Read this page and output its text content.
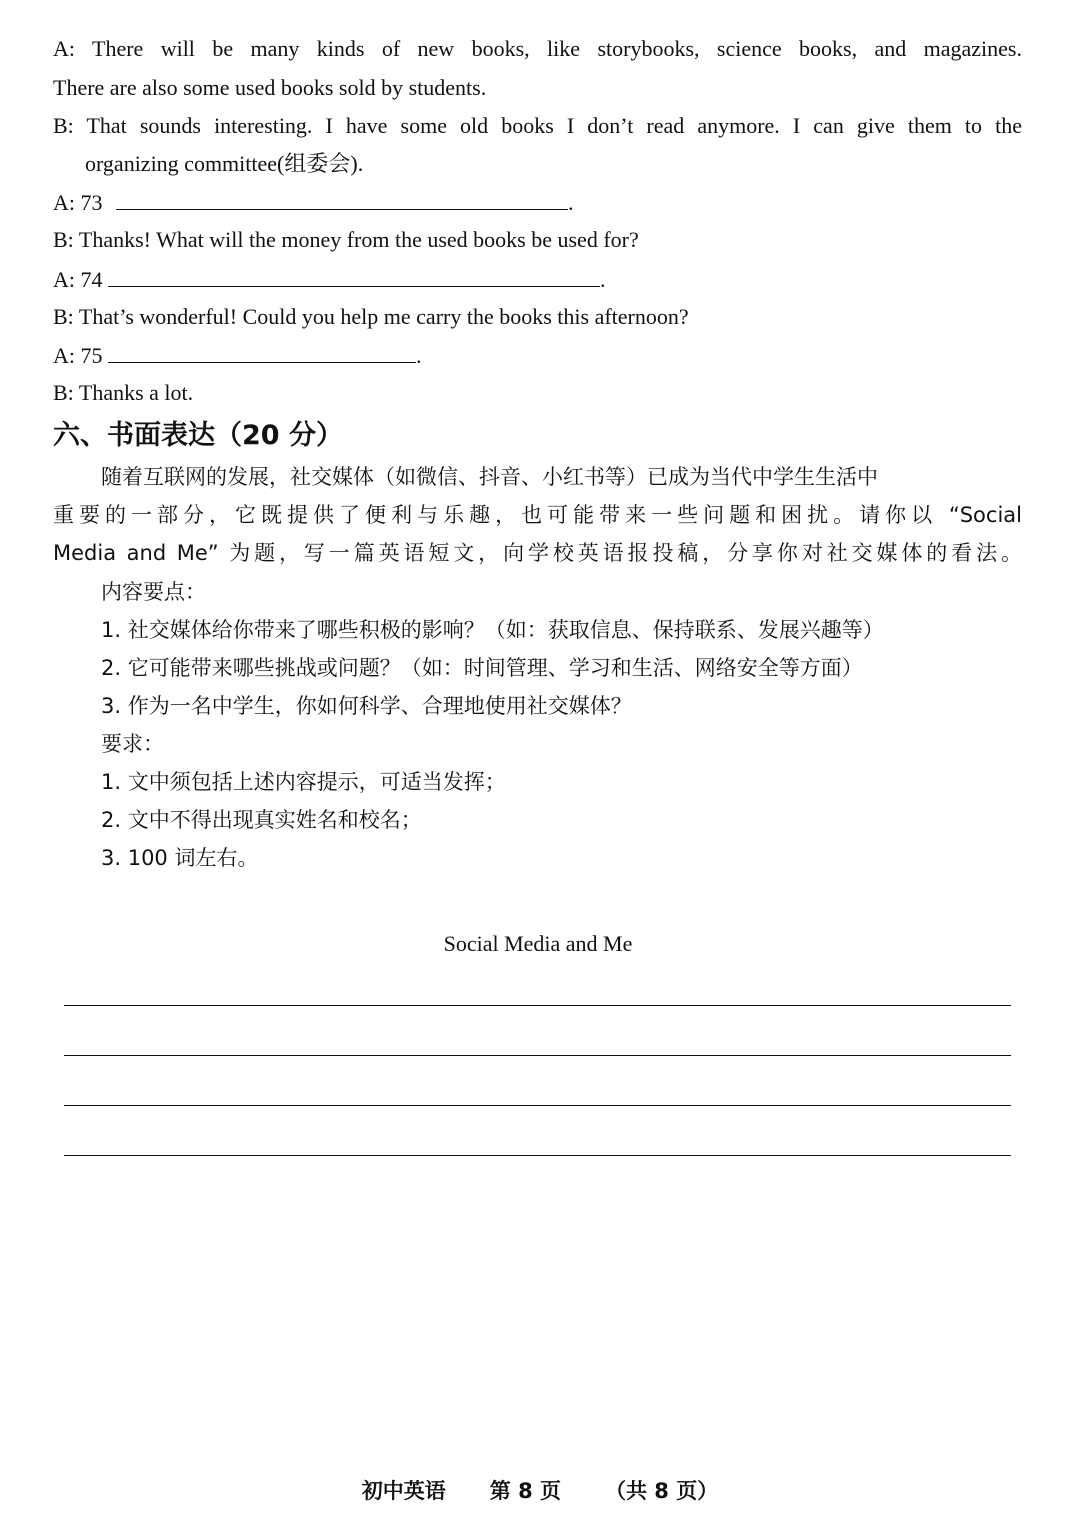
A: There will be many kinds of new books, like storybooks, science books, and magazines.
There are also some used books sold by students.
B: That sounds interesting. I have some old books I don’t read anymore. I can give them to the
organizing committee(组委会).
A: 73	.
B: Thanks! What will the money from the used books be used for?
A: 74	.
B: That’s wonderful! Could you help me carry the books this afternoon?
A: 75	.
B: Thanks a lot.
六、书面表达（20 分）
随着互联网的发展，社交媒体（如微信、抖音、小红书等）已成为当代中学生生活中
重要的一部分，它既提供了便利与乐趣，也可能带来一些问题和困扰。请你以 “Social
Media and Me” 为题，写一篇英语短文，向学校英语报投稿，分享你对社交媒体的看法。
内容要点：
1. 社交媒体给你带来了哪些积极的影响？（如：获取信息、保持联系、发展兴趣等）
2. 它可能带来哪些挑战或问题？（如：时间管理、学习和生活、网络安全等方面）
3. 作为一名中学生，你如何科学、合理地使用社交媒体？
要求：
1. 文中须包括上述内容提示，可适当发挥；
2. 文中不得出现真实姓名和校名；
3. 100 词左右。
Social Media and Me
初中英语 第 8 页 （共 8 页）
